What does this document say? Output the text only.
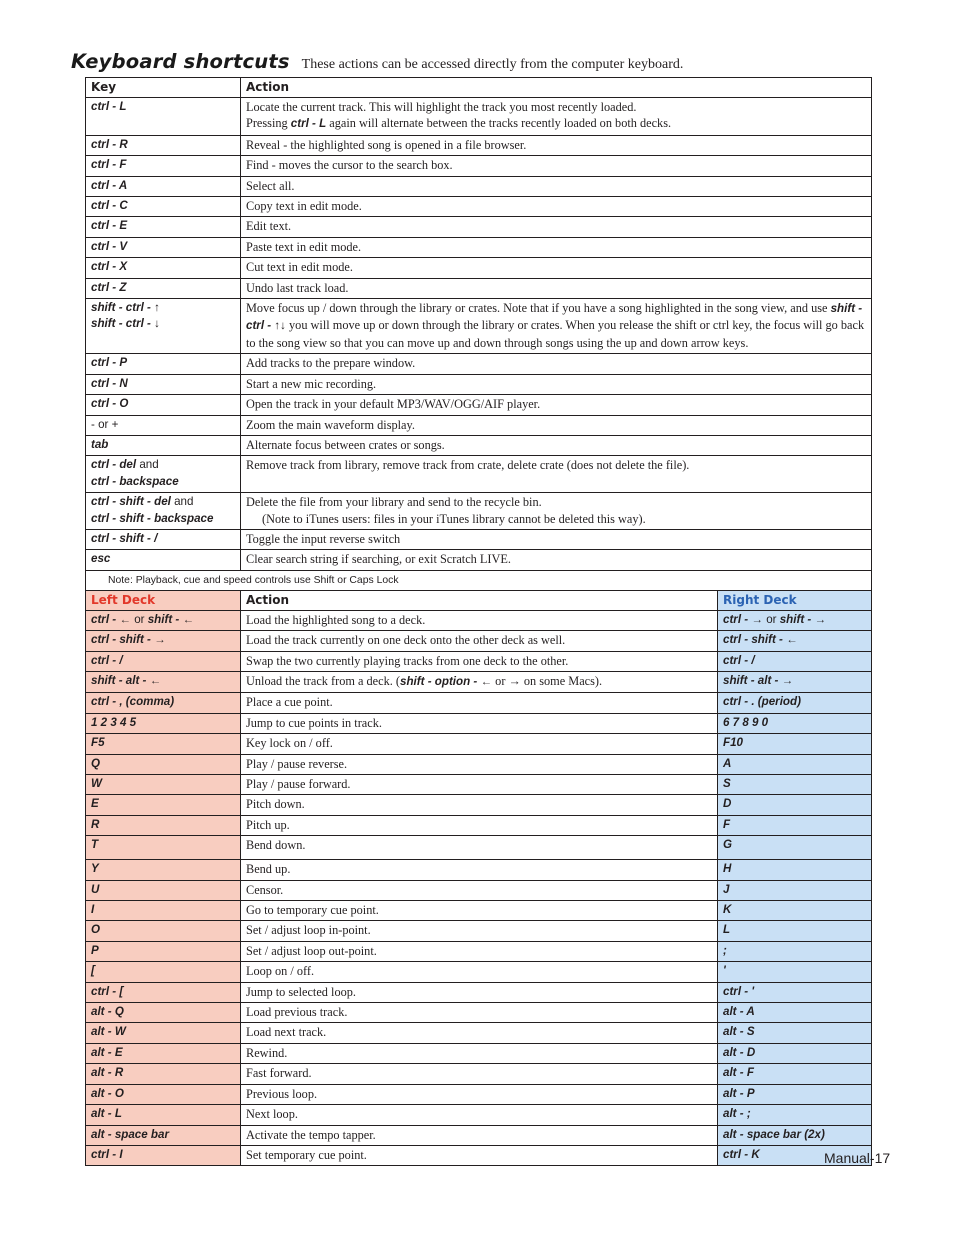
Keyboard shortcuts These actions can be accessed directly from the computer keyboard.
Key	Action	
ctrl - L	Locate the current track. This will highlight the track you most recently loaded.
Pressing ctrl - L again will alternate between the tracks recently loaded on both decks.	
ctrl - R	Reveal - the highlighted song is opened in a file browser.	
ctrl - F	Find - moves the cursor to the search box.	
ctrl - A	Select all.	
ctrl - C	Copy text in edit mode.	
ctrl - E	Edit text.	
ctrl - V	Paste text in edit mode.	
ctrl - X	Cut text in edit mode.	
ctrl - Z	Undo last track load.	
shift - ctrl - ↑
shift - ctrl - ↓	Move focus up / down through the library or crates. Note that if you have a song highlighted in the song view, and use shift - ctrl - ↑↓ you will move up or down through the library or crates. When you release the shift or ctrl key, the focus will go back to the song view so that you can move up and down through songs using the up and down arrow keys.	
ctrl - P	Add tracks to the prepare window.	
ctrl - N	Start a new mic recording.	
ctrl - O	Open the track in your default MP3/WAV/OGG/AIF player.	
- or +	Zoom the main waveform display.	
tab	Alternate focus between crates or songs.	
ctrl - del and
ctrl - backspace	Remove track from library, remove track from crate, delete crate (does not delete the file).	
ctrl - shift - del and
ctrl - shift - backspace	Delete the file from your library and send to the recycle bin.
(Note to iTunes users: files in your iTunes library cannot be deleted this way).	
ctrl - shift - /	Toggle the input reverse switch	
esc	Clear search string if searching, or exit Scratch LIVE.	
Note: Playback, cue and speed controls use Shift or Caps Lock		
Left Deck	Action	Right Deck
ctrl - ← or shift - ←	Load the highlighted song to a deck.	ctrl - → or shift - →
ctrl - shift - →	Load the track currently on one deck onto the other deck as well.	ctrl - shift - ←
ctrl - /	Swap the two currently playing tracks from one deck to the other.	ctrl - /
shift - alt - ←	Unload the track from a deck. (shift - option - ← or → on some Macs).	shift - alt - →
ctrl - , (comma)	Place a cue point.	ctrl - . (period)
1 2 3 4 5	Jump to cue points in track.	6 7 8 9 0
F5	Key lock on / off.	F10
Q	Play / pause reverse.	A
W	Play / pause forward.	S
E	Pitch down.	D
R	Pitch up.	F
T	Bend down.	G
Y	Bend up.	H
U	Censor.	J
I	Go to temporary cue point.	K
O	Set / adjust loop in-point.	L
P	Set / adjust loop out-point.	;
[	Loop on / off.	'
ctrl - [	Jump to selected loop.	ctrl - '
alt - Q	Load previous track.	alt - A
alt - W	Load next track.	alt - S
alt - E	Rewind.	alt - D
alt - R	Fast forward.	alt - F
alt - O	Previous loop.	alt - P
alt - L	Next loop.	alt - ;
alt - space bar	Activate the tempo tapper.	alt - space bar (2x)
ctrl - I	Set temporary cue point.	ctrl - K	Manual-17
